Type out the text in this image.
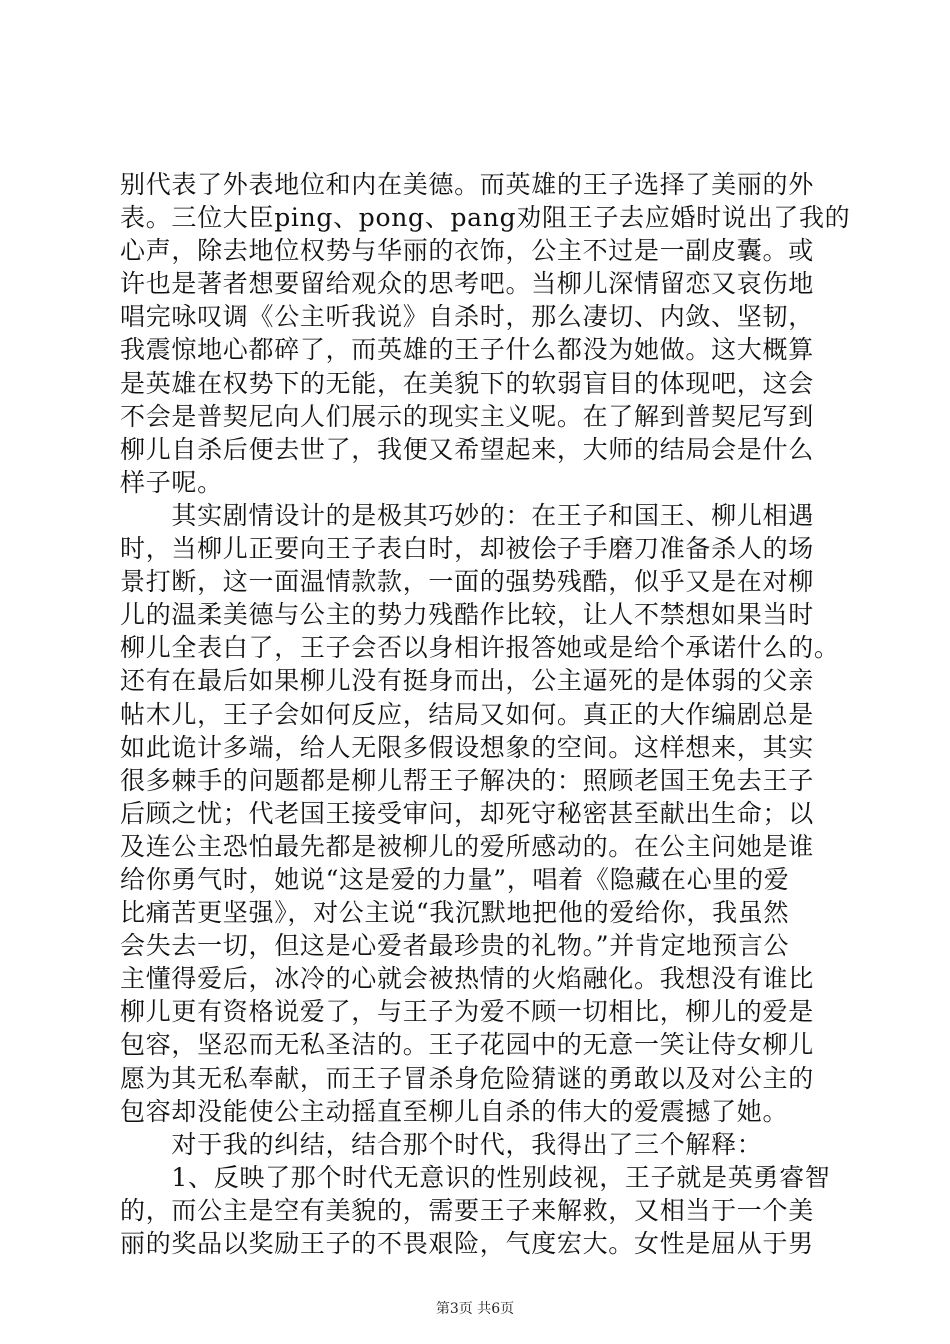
别代表了外表地位和内在美德。而英雄的王子选择了美丽的外
表。三位大臣ping、pong、pang劝阻王子去应婚时说出了我的
心声，除去地位权势与华丽的衣饰，公主不过是一副皮囊。或
许也是著者想要留给观众的思考吧。当柳儿深情留恋又哀伤地
唱完咏叹调《公主听我说》自杀时，那么凄切、内敛、坚韧，
我震惊地心都碎了，而英雄的王子什么都没为她做。这大概算
是英雄在权势下的无能，在美貌下的软弱盲目的体现吧，这会
不会是普契尼向人们展示的现实主义呢。在了解到普契尼写到
柳儿自杀后便去世了，我便又希望起来，大师的结局会是什么
样子呢。
　　其实剧情设计的是极其巧妙的：在王子和国王、柳儿相遇
时，当柳儿正要向王子表白时，却被侩子手磨刀准备杀人的场
景打断，这一面温情款款，一面的强势残酷，似乎又是在对柳
儿的温柔美德与公主的势力残酷作比较，让人不禁想如果当时
柳儿全表白了，王子会否以身相许报答她或是给个承诺什么的。
还有在最后如果柳儿没有挺身而出，公主逼死的是体弱的父亲
帖木儿，王子会如何反应，结局又如何。真正的大作编剧总是
如此诡计多端，给人无限多假设想象的空间。这样想来，其实
很多棘手的问题都是柳儿帮王子解决的：照顾老国王免去王子
后顾之忧；代老国王接受审问，却死守秘密甚至献出生命；以
及连公主恐怕最先都是被柳儿的爱所感动的。在公主问她是谁
给你勇气时，她说“这是爱的力量”，唱着《隐藏在心里的爱
比痛苦更坚强》，对公主说“我沉默地把他的爱给你，我虽然
会失去一切，但这是心爱者最珍贵的礼物。”并肯定地预言公
主懂得爱后，冰冷的心就会被热情的火焰融化。我想没有谁比
柳儿更有资格说爱了，与王子为爱不顾一切相比，柳儿的爱是
包容，坚忍而无私圣洁的。王子花园中的无意一笑让侍女柳儿
愿为其无私奉献，而王子冒杀身危险猜谜的勇敢以及对公主的
包容却没能使公主动摇直至柳儿自杀的伟大的爱震撼了她。
　　对于我的纠结，结合那个时代，我得出了三个解释：
　　1、反映了那个时代无意识的性别歧视，王子就是英勇睿智
的，而公主是空有美貌的，需要王子来解救，又相当于一个美
丽的奖品以奖励王子的不畏艰险，气度宏大。女性是屈从于男
第3页 共6页
